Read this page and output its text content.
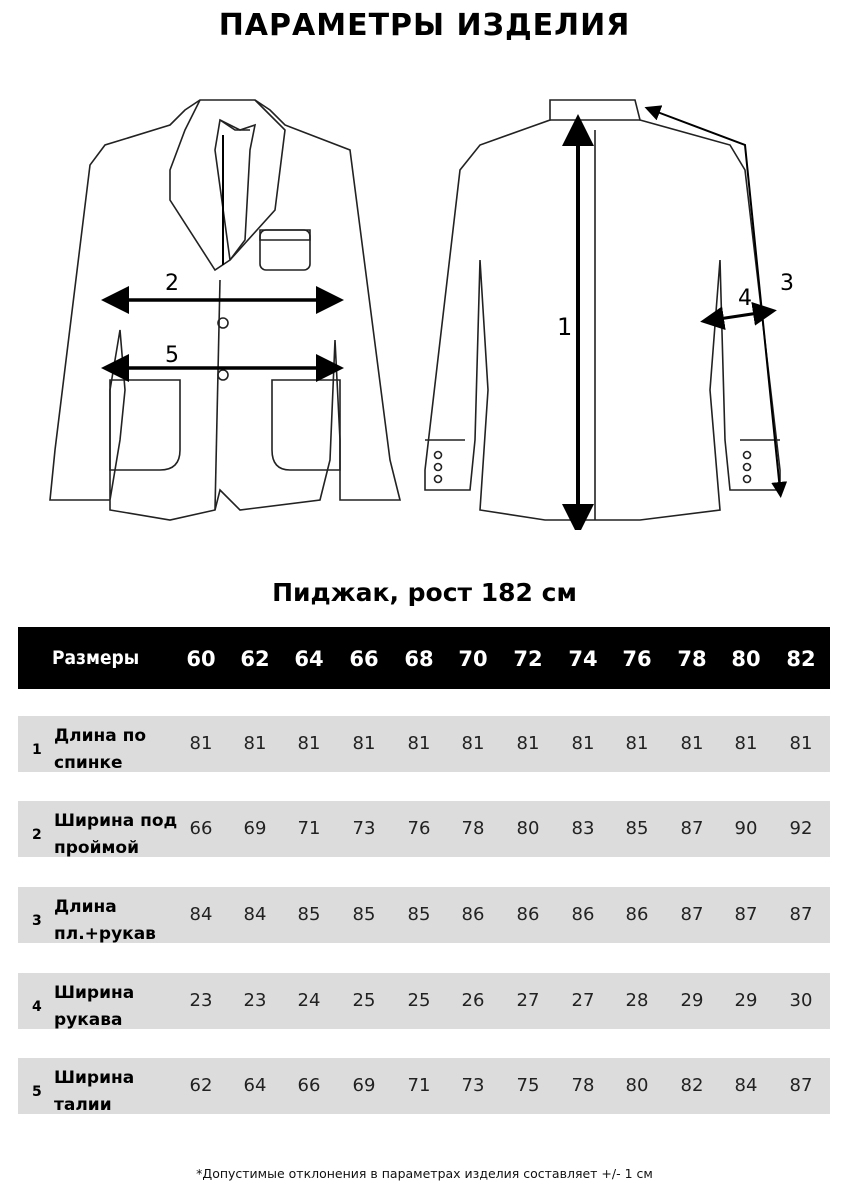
ПАРАМЕТРЫ ИЗДЕЛИЯ
2
5
1
3
4
Пиджак, рост 182 см
Размеры	60	62	64	66	68	70	72	74	76	78	80	82
1
Длина по
спинке
81	81	81	81	81	81	81	81	81	81	81	81
2
Ширина под
проймой
66	69	71	73	76	78	80	83	85	87	90	92
3
Длина
пл.+рукав
84	84	85	85	85	86	86	86	86	87	87	87
4
Ширина
рукава
23	23	24	25	25	26	27	27	28	29	29	30
5
Ширина
талии
62	64	66	69	71	73	75	78	80	82	84	87
*Допустимые отклонения в параметрах изделия составляет +/- 1 см
